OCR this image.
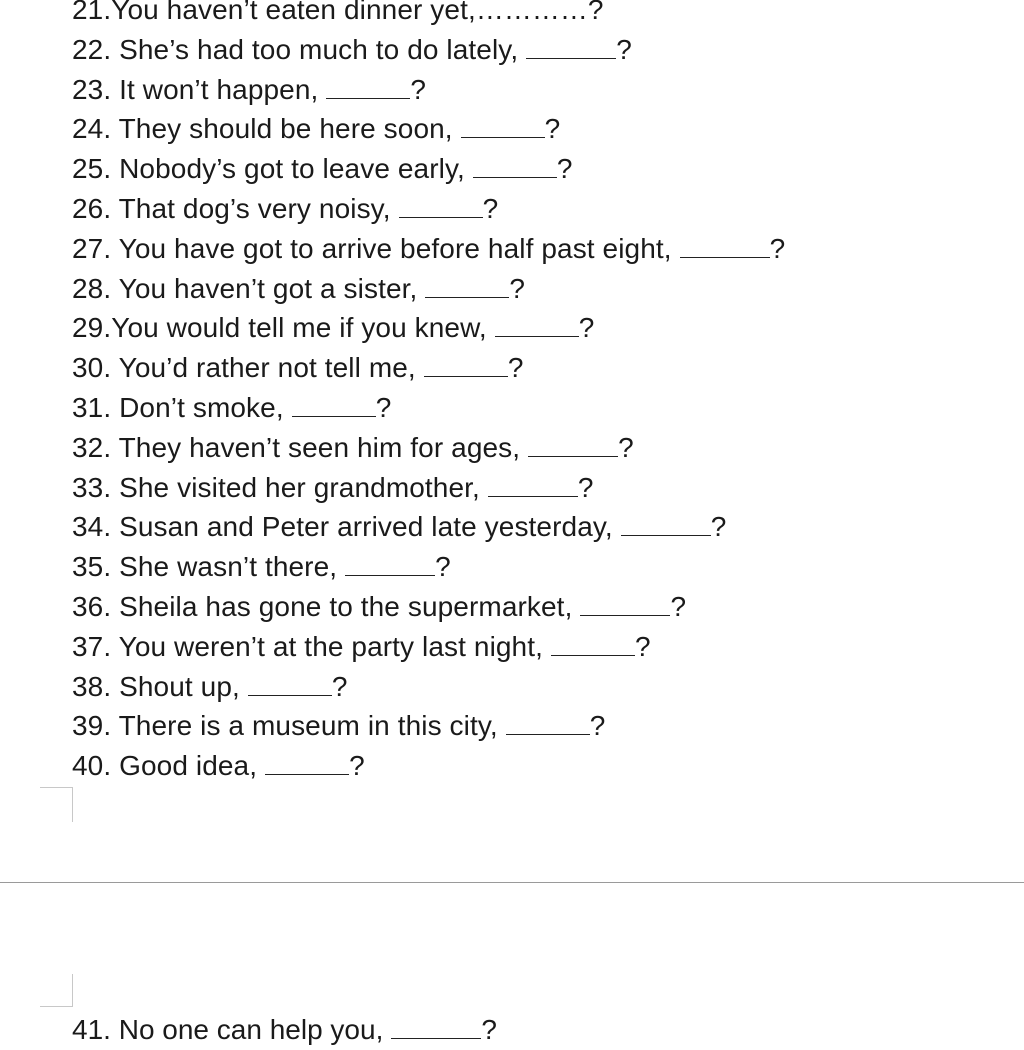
21.You haven’t eaten dinner yet,…………?
22. She’s had too much to do lately,	?
23. It won’t happen,	?
24. They should be here soon,	?
25. Nobody’s got to leave early,	?
26. That dog’s very noisy,	?
27. You have got to arrive before half past eight,	?
28. You haven’t got a sister,	?
29.You would tell me if you knew,	?
30. You’d rather not tell me,	?
31. Don’t smoke,	?
32. They haven’t seen him for ages,	?
33. She visited her grandmother,	?
34. Susan and Peter arrived late yesterday,	?
35. She wasn’t there,	?
36. Sheila has gone to the supermarket,	?
37. You weren’t at the party last night,	?
38. Shout up,	?
39. There is a museum in this city,	?
40. Good idea,	?
41. No one can help you,	?
